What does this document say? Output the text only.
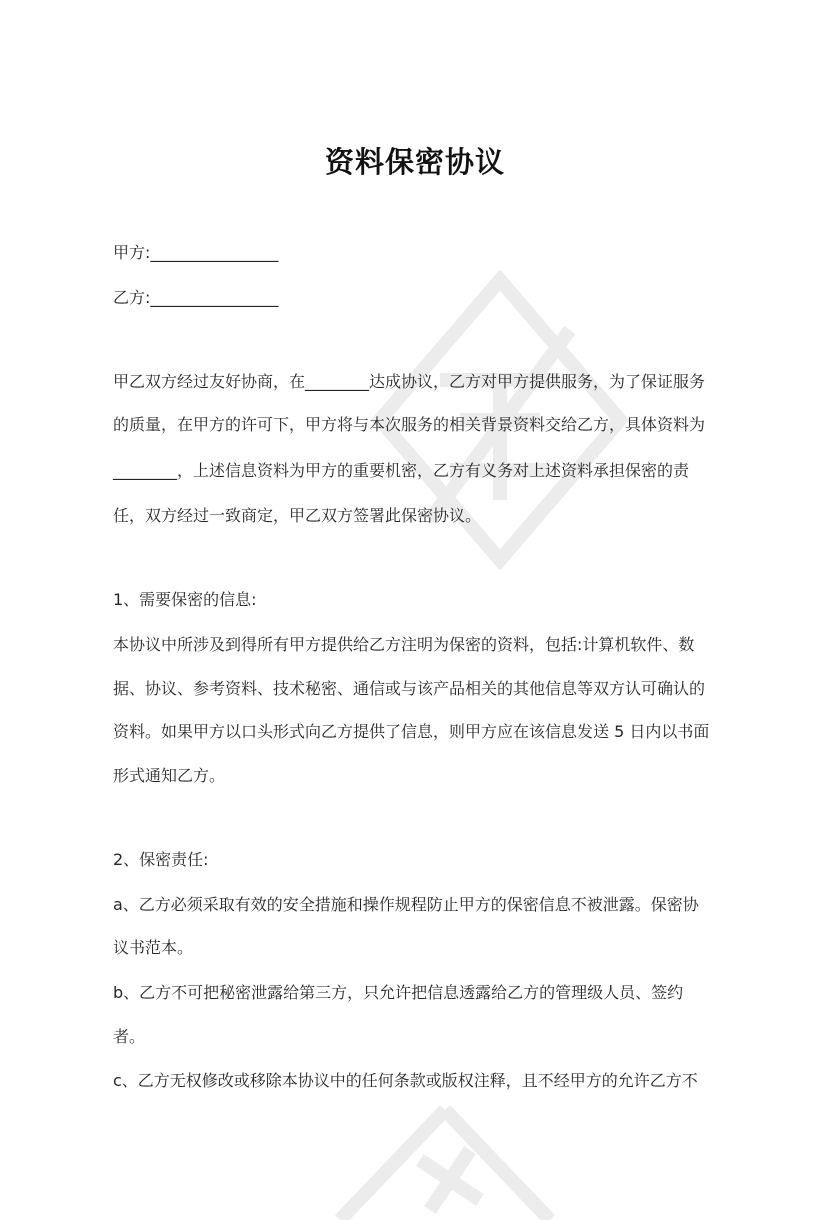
资料保密协议
甲方:________________
乙方:________________
甲乙双方经过友好协商，在________达成协议，乙方对甲方提供服务，为了保证服务
的质量，在甲方的许可下，甲方将与本次服务的相关背景资料交给乙方，具体资料为
________，上述信息资料为甲方的重要机密，乙方有义务对上述资料承担保密的责
任，双方经过一致商定，甲乙双方签署此保密协议。
1、需要保密的信息:
本协议中所涉及到得所有甲方提供给乙方注明为保密的资料，包括:计算机软件、数
据、协议、参考资料、技术秘密、通信或与该产品相关的其他信息等双方认可确认的
资料。如果甲方以口头形式向乙方提供了信息，则甲方应在该信息发送 5 日内以书面
形式通知乙方。
2、保密责任:
a、乙方必须采取有效的安全措施和操作规程防止甲方的保密信息不被泄露。保密协
议书范本。
b、乙方不可把秘密泄露给第三方，只允许把信息透露给乙方的管理级人员、签约
者。
c、乙方无权修改或移除本协议中的任何条款或版权注释，且不经甲方的允许乙方不
